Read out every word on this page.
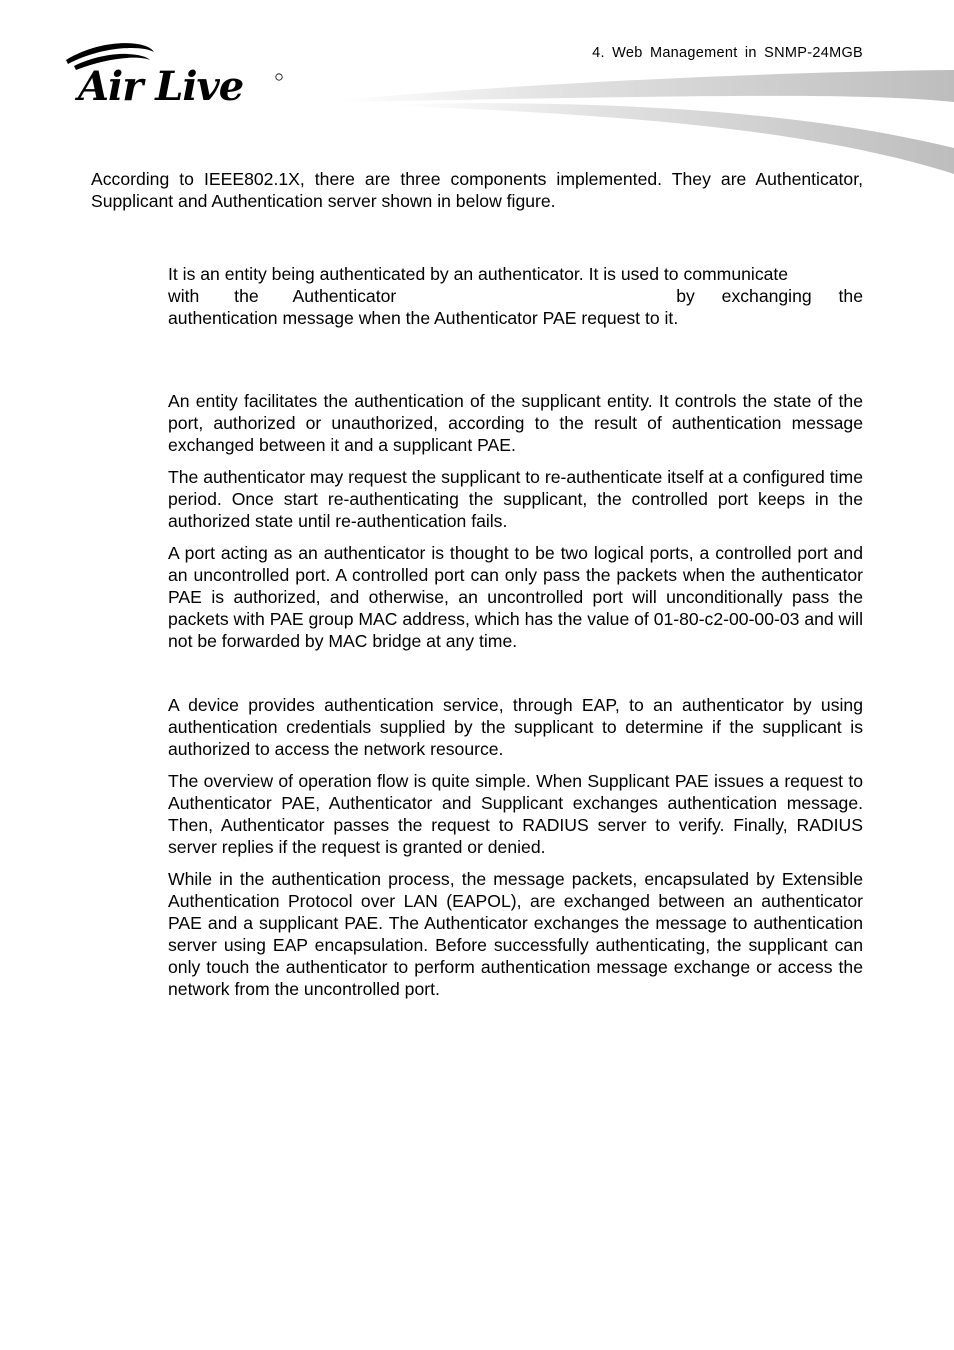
Air Live
4. Web Management in SNMP-24MGB

According to IEEE802.1X, there are three components implemented. They are Authenticator, Supplicant and Authentication server shown in below figure.

It is an entity being authenticated by an authenticator. It is used to communicate
with the Authenticator	by exchanging the
authentication message when the Authenticator PAE request to it.

An entity facilitates the authentication of the supplicant entity. It controls the state of the port, authorized or unauthorized, according to the result of authentication message exchanged between it and a supplicant PAE.

The authenticator may request the supplicant to re-authenticate itself at a configured time period. Once start re-authenticating the supplicant, the controlled port keeps in the authorized state until re-authentication fails.

A port acting as an authenticator is thought to be two logical ports, a controlled port and an uncontrolled port. A controlled port can only pass the packets when the authenticator PAE is authorized, and otherwise, an uncontrolled port will unconditionally pass the packets with PAE group MAC address, which has the value of 01-80-c2-00-00-03 and will not be forwarded by MAC bridge at any time.

A device provides authentication service, through EAP, to an authenticator by using authentication credentials supplied by the supplicant to determine if the supplicant is authorized to access the network resource.

The overview of operation flow is quite simple. When Supplicant PAE issues a request to Authenticator PAE, Authenticator and Supplicant exchanges authentication message. Then, Authenticator passes the request to RADIUS server to verify. Finally, RADIUS server replies if the request is granted or denied.

While in the authentication process, the message packets, encapsulated by Extensible Authentication Protocol over LAN (EAPOL), are exchanged between an authenticator PAE and a supplicant PAE. The Authenticator exchanges the message to authentication server using EAP encapsulation. Before successfully authenticating, the supplicant can only touch the authenticator to perform authentication message exchange or access the network from the uncontrolled port.
